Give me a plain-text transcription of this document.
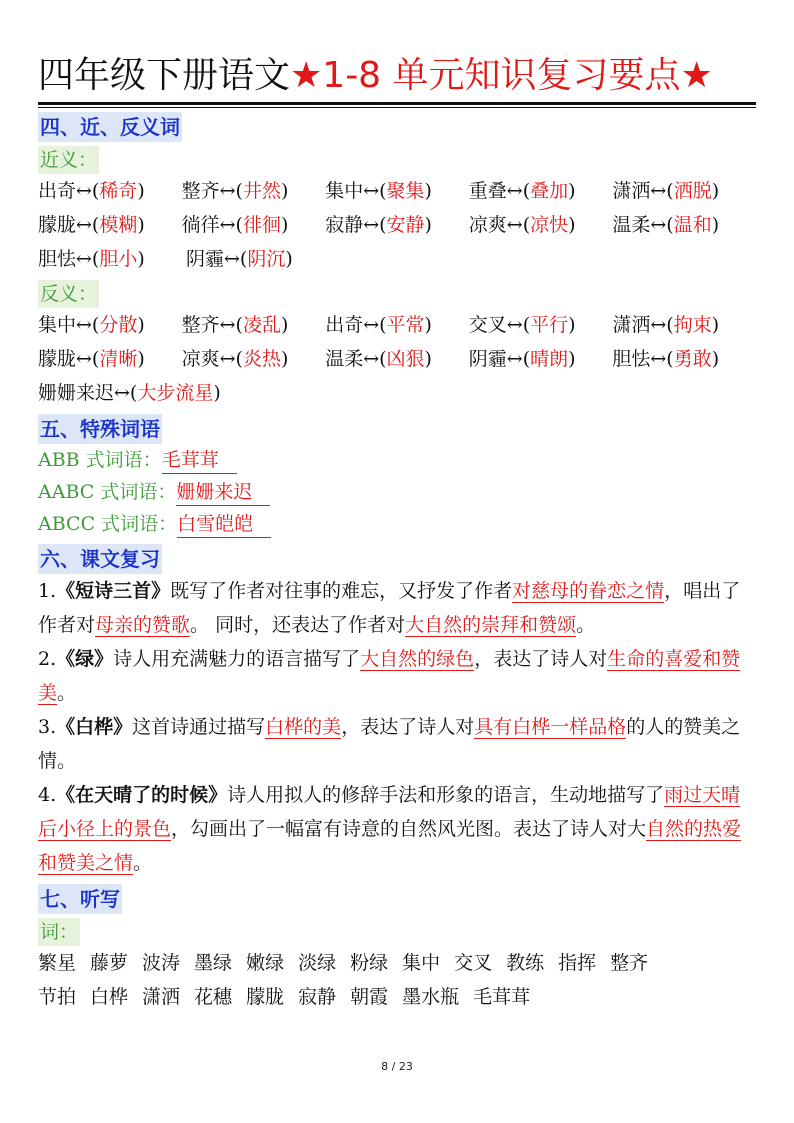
四年级下册语文★1-8 单元知识复习要点★
四、近、反义词
近义：
出奇↔(稀奇)	整齐↔(井然)	集中↔(聚集)	重叠↔(叠加)	潇洒↔(洒脱)
朦胧↔(模糊)	徜徉↔(徘徊)	寂静↔(安静)	凉爽↔(凉快)	温柔↔(温和)
胆怯↔(胆小)	阴霾↔(阴沉)
反义：
集中↔(分散)	整齐↔(凌乱)	出奇↔(平常)	交叉↔(平行)	潇洒↔(拘束)
朦胧↔(清晰)	凉爽↔(炎热)	温柔↔(凶狠)	阴霾↔(晴朗)	胆怯↔(勇敢)
姗姗来迟↔(大步流星)
五、特殊词语
ABB 式词语：毛茸茸
AABC 式词语：姗姗来迟
ABCC 式词语：白雪皑皑
六、课文复习
1.《短诗三首》既写了作者对往事的难忘，又抒发了作者对慈母的眷恋之情，唱出了作者对母亲的赞歌。 同时，还表达了作者对大自然的崇拜和赞颂。
2.《绿》诗人用充满魅力的语言描写了大自然的绿色，表达了诗人对生命的喜爱和赞美。
3.《白桦》这首诗通过描写白桦的美，表达了诗人对具有白桦一样品格的人的赞美之情。
4.《在天晴了的时候》诗人用拟人的修辞手法和形象的语言，生动地描写了雨过天晴后小径上的景色，勾画出了一幅富有诗意的自然风光图。表达了诗人对大自然的热爱和赞美之情。
七、听写
词：
繁星 藤萝 波涛 墨绿 嫩绿 淡绿 粉绿 集中 交叉 教练 指挥 整齐
节拍 白桦 潇洒 花穗 朦胧 寂静 朝霞 墨水瓶 毛茸茸
8 / 23
